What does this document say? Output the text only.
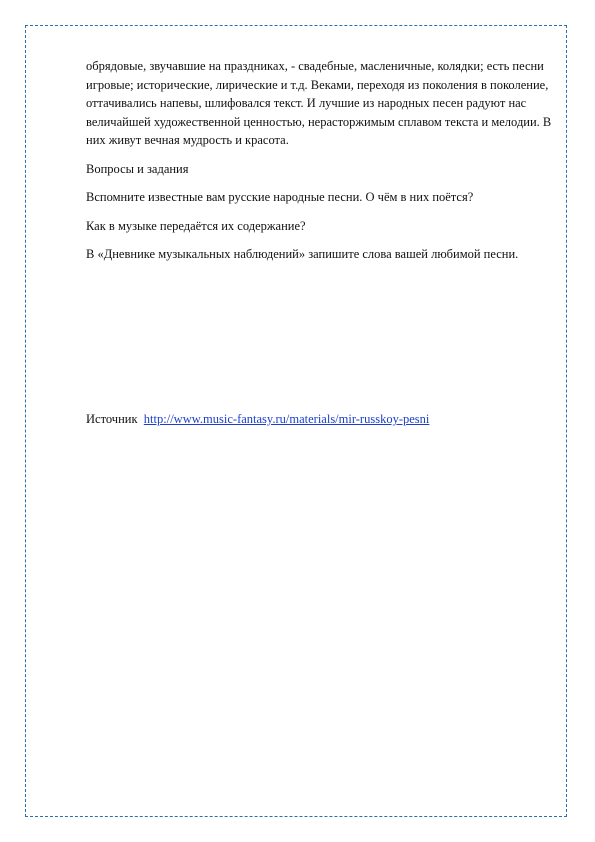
обрядовые, звучавшие на праздниках, - свадебные, масленичные, колядки; есть песни игровые; исторические, лирические и т.д. Веками, переходя из поколения в поколение, оттачивались напевы, шлифовался текст. И лучшие из народных песен радуют нас величайшей художественной ценностью, нерасторжимым сплавом текста и мелодии. В них живут вечная мудрость и красота.

Вопросы и задания

Вспомните известные вам русские народные песни. О чём в них поётся?

Как в музыке передаётся их содержание?

В «Дневнике музыкальных наблюдений» запишите слова вашей любимой песни.

Источник http://www.music-fantasy.ru/materials/mir-russkoy-pesni
